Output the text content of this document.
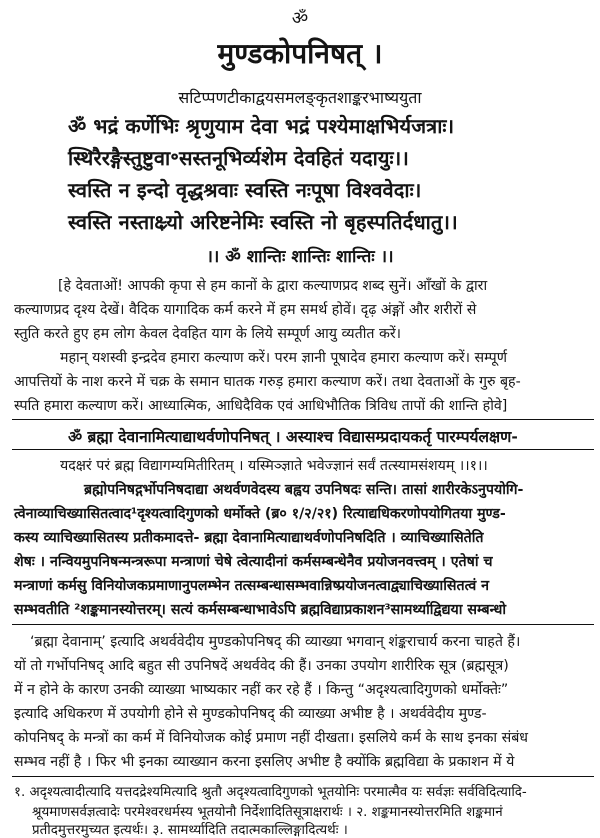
ॐ
मुण्डकोपनिषत् ।
सटिप्पणटीकाद्वयसमलङ्कृतशाङ्करभाष्ययुता
ॐ भद्रं कर्णेभिः श्रृणुयाम देवा भद्रं पश्येमाक्षभिर्यजत्राः।
स्थिरैरङ्गैस्तुष्टुवा॰सस्तनूभिर्व्यशेम देवहितं यदायुः।।
स्वस्ति न इन्दो वृद्धश्रवाः स्वस्ति नःपूषा विश्ववेदाः।
स्वस्ति नस्ताक्ष्र्यो अरिष्टनेमिः स्वस्ति नो बृहस्पतिर्दधातु।।
।। ॐ शान्तिः शान्तिः शान्तिः ।।
[हे देवताओं! आपकी कृपा से हम कानों के द्वारा कल्याणप्रद शब्द सुनें। आँखों के द्वारा
कल्याणप्रद दृश्य देखें। वैदिक यागादिक कर्म करने में हम समर्थ होवें। दृढ़ अंङ्गों और शरीरों से
स्तुति करते हुए हम लोग केवल देवहित याग के लिये सम्पूर्ण आयु व्यतीत करें।
महान् यशस्वी इन्द्रदेव हमारा कल्याण करें। परम ज्ञानी पूषादेव हमारा कल्याण करें। सम्पूर्ण
आपत्तियों के नाश करने में चक्र के समान घातक गरुड़ हमारा कल्याण करें। तथा देवताओं के गुरु बृह-
स्पति हमारा कल्याण करें। आध्यात्मिक, आधिदैविक एवं आधिभौतिक त्रिविध तापों की शान्ति होवे]
ॐ ब्रह्मा देवानामित्याद्याथर्वणोपनिषत् । अस्याश्च विद्यासम्प्रदायकर्तृ पारम्पर्यलक्षण-
यदक्षरं परं ब्रह्म विद्यागम्यमितीरितम् । यस्मिञ्ज्ञाते भवेज्ज्ञानं सर्वं तत्स्यामसंशयम् ।।१।।
ब्रह्मोपनिषद्गर्भोपनिषदाद्या अथर्वणवेदस्य बह्वय उपनिषदः सन्ति। तासां शारीरकेऽनुपयोगि-
त्वेनाव्याचिख्यासितत्वाद¹दृश्यत्वादिगुणको धर्मोक्ते (ब्र० १/२/२१) रित्याद्यधिकरणोपयोगितया मुण्ड-
कस्य व्याचिख्यासितस्य प्रतीकमादत्ते- ब्रह्मा देवानामित्याद्याथर्वणोपनिषदिति । व्याचिख्यासितेति
शेषः । नन्वियमुपनिषन्मन्त्ररूपा मन्त्राणां चेषे त्वेत्यादीनां कर्मसम्बन्धेनैव प्रयोजनवत्त्वम् । एतेषां च
मन्त्राणां कर्मसु विनियोजकप्रमाणानुपलम्भेन तत्सम्बन्धासम्भवान्निष्प्रयोजनत्वाद्व्याचिख्यासितत्वं न
सम्भवतीति ²शङ्कमानस्योत्तरम्। सत्यं कर्मसम्बन्धाभावेऽपि ब्रह्मविद्याप्रकाशन³सामर्थ्याद्विद्यया सम्बन्धो
‘ब्रह्मा देवानाम्’ इत्यादि अथर्ववेदीय मुण्डकोपनिषद् की व्याख्या भगवान् शंङ्कराचार्य करना चाहते हैं।
यों तो गर्भोपनिषद् आदि बहुत सी उपनिषदें अथर्ववेद की हैं। उनका उपयोग शारीरिक सूत्र (ब्रह्मसूत्र)
में न होने के कारण उनकी व्याख्या भाष्यकार नहीं कर रहे हैं । किन्तु “अदृश्यत्वादिगुणको धर्मोक्तेः”
इत्यादि अधिकरण में उपयोगी होने से मुण्डकोपनिषद् की व्याख्या अभीष्ट है । अथर्ववेदीय मुण्ड-
कोपनिषद् के मन्त्रों का कर्म में विनियोजक कोई प्रमाण नहीं दीखता। इसलिये कर्म के साथ इनका संबंध
सम्भव नहीं है । फिर भी इनका व्याख्यान करना इसलिए अभीष्ट है क्योंकि ब्रह्मविद्या के प्रकाशन में ये
१. अदृश्यत्वादीत्यादि यत्तदद्रेश्यमित्यादि श्रुतौ अदृश्यत्वादिगुणको भूतयोनिः परमात्मैव यः सर्वज्ञः सर्वविदित्यादि-
श्रूयमाणसर्वज्ञत्वादेः परमेश्वरधर्मस्य भूतयोनौ निर्देशादितिसूत्राक्षरार्थः । २. शङ्कमानस्योत्तरमिति शङ्कमानं
प्रतीदमुत्तरमुच्यत इत्यर्थः। ३. सामर्थ्यादिति तदात्मकाल्लिङ्गादित्यर्थः ।
